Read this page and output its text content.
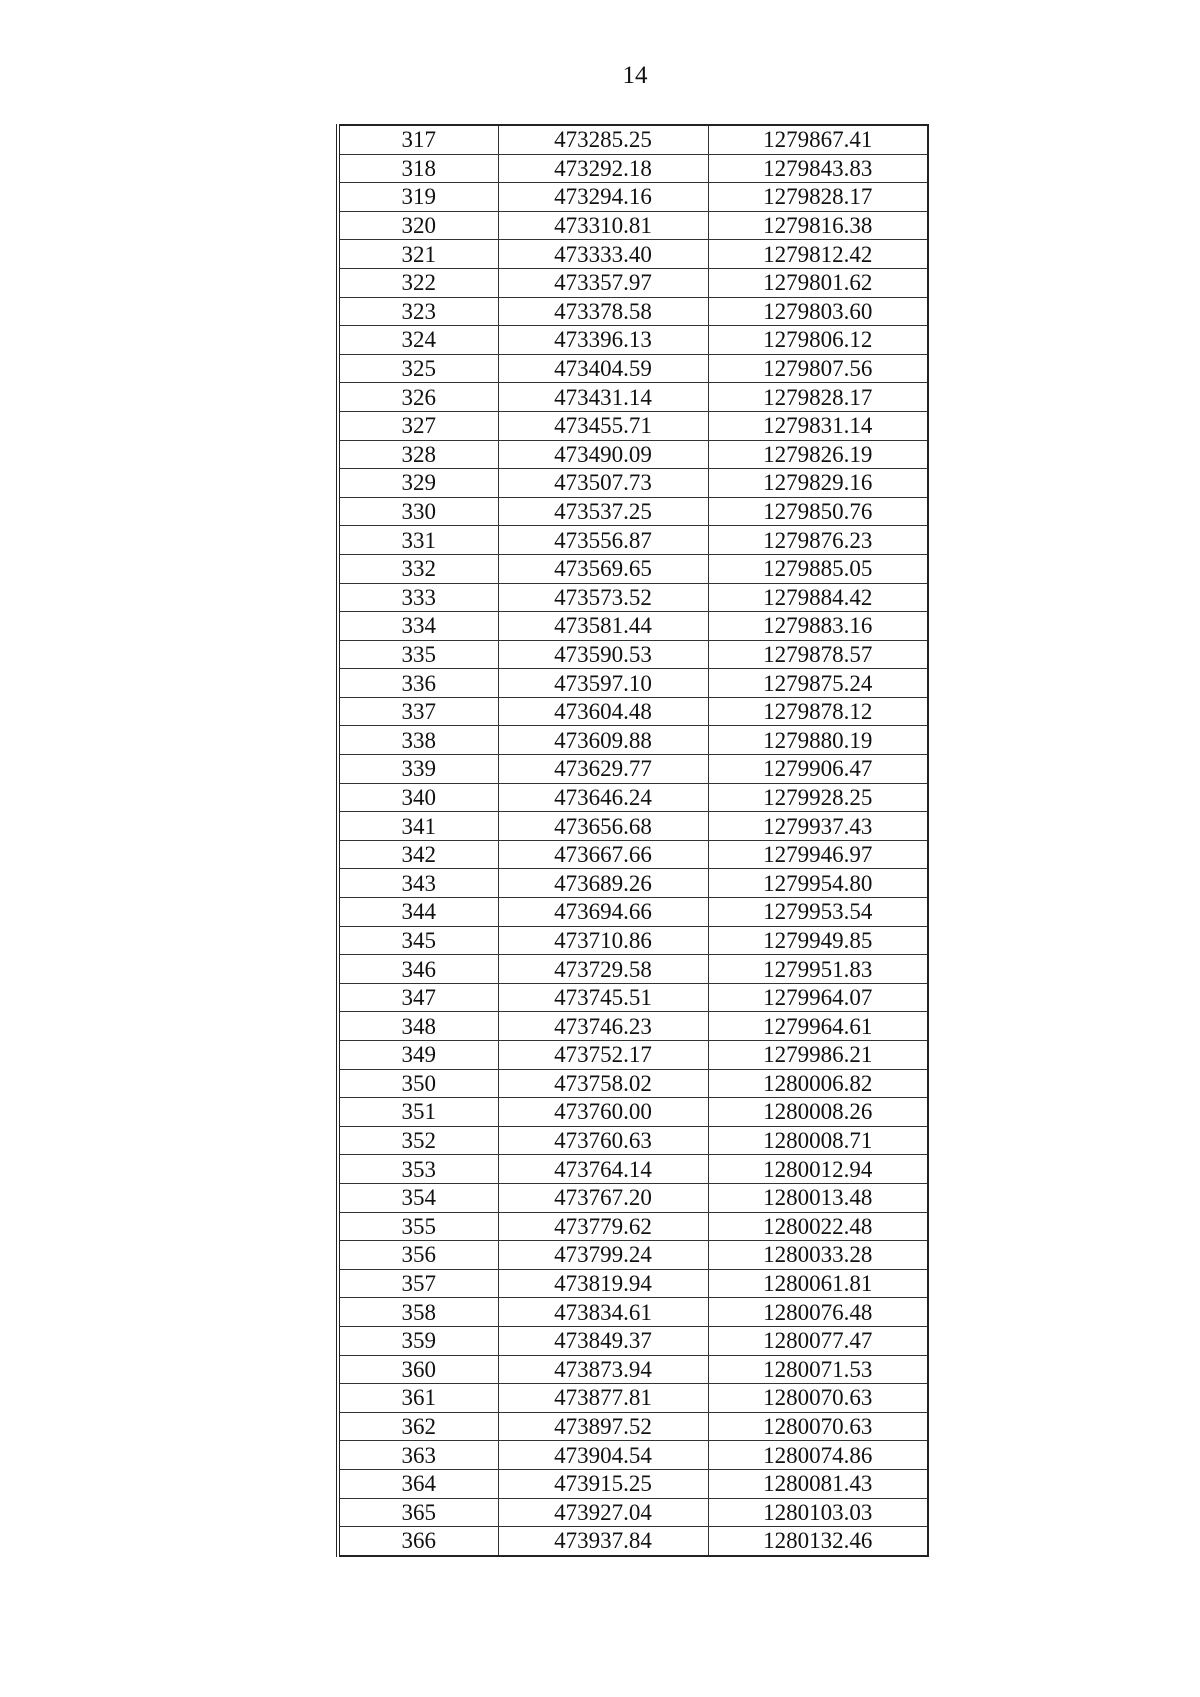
14
317	473285.25	1279867.41
318	473292.18	1279843.83
319	473294.16	1279828.17
320	473310.81	1279816.38
321	473333.40	1279812.42
322	473357.97	1279801.62
323	473378.58	1279803.60
324	473396.13	1279806.12
325	473404.59	1279807.56
326	473431.14	1279828.17
327	473455.71	1279831.14
328	473490.09	1279826.19
329	473507.73	1279829.16
330	473537.25	1279850.76
331	473556.87	1279876.23
332	473569.65	1279885.05
333	473573.52	1279884.42
334	473581.44	1279883.16
335	473590.53	1279878.57
336	473597.10	1279875.24
337	473604.48	1279878.12
338	473609.88	1279880.19
339	473629.77	1279906.47
340	473646.24	1279928.25
341	473656.68	1279937.43
342	473667.66	1279946.97
343	473689.26	1279954.80
344	473694.66	1279953.54
345	473710.86	1279949.85
346	473729.58	1279951.83
347	473745.51	1279964.07
348	473746.23	1279964.61
349	473752.17	1279986.21
350	473758.02	1280006.82
351	473760.00	1280008.26
352	473760.63	1280008.71
353	473764.14	1280012.94
354	473767.20	1280013.48
355	473779.62	1280022.48
356	473799.24	1280033.28
357	473819.94	1280061.81
358	473834.61	1280076.48
359	473849.37	1280077.47
360	473873.94	1280071.53
361	473877.81	1280070.63
362	473897.52	1280070.63
363	473904.54	1280074.86
364	473915.25	1280081.43
365	473927.04	1280103.03
366	473937.84	1280132.46
